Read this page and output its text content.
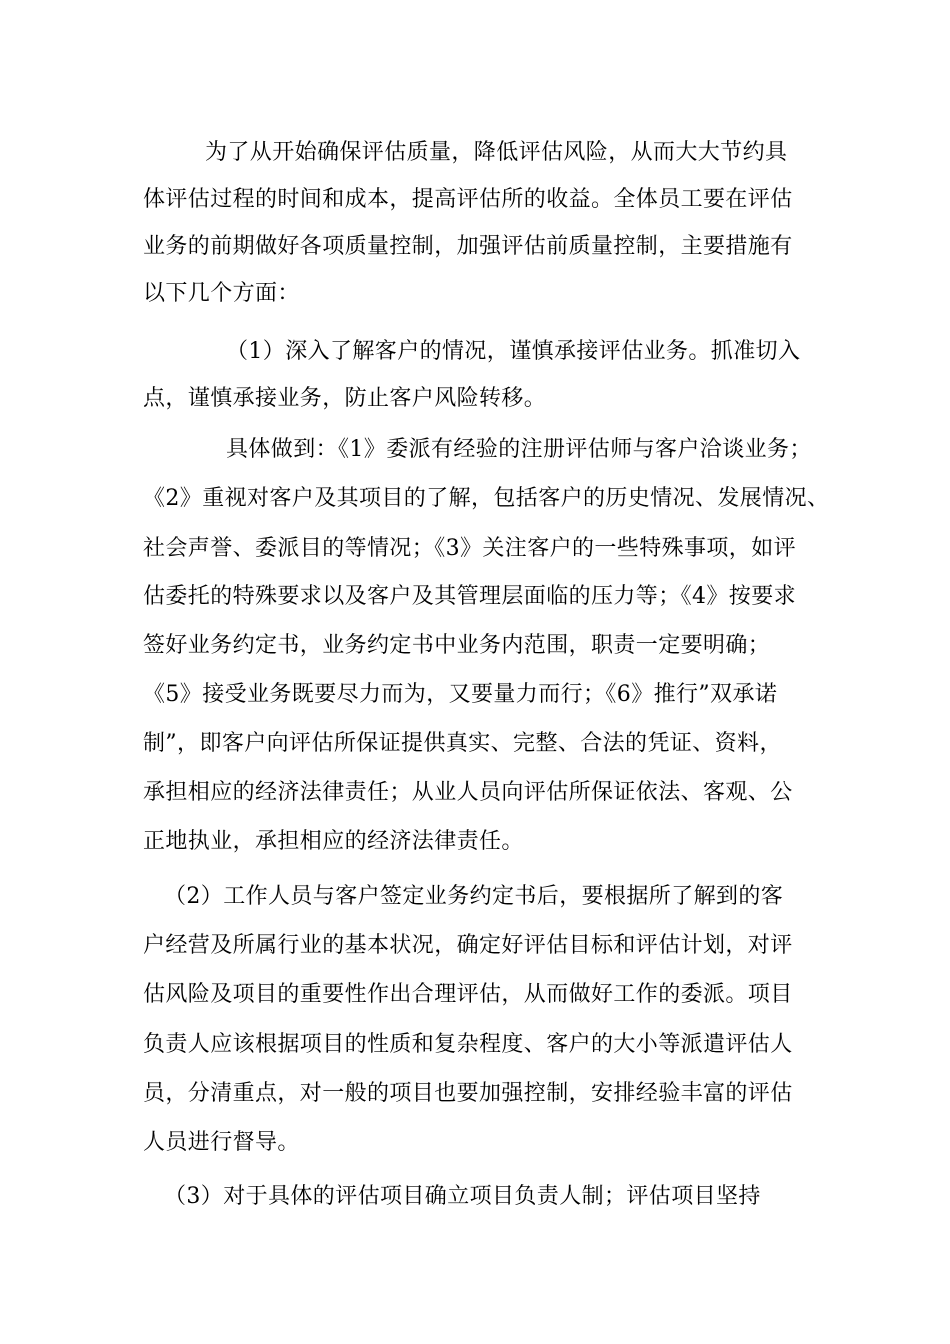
为了从开始确保评估质量，降低评估风险，从而大大节约具
体评估过程的时间和成本，提高评估所的收益。全体员工要在评估
业务的前期做好各项质量控制，加强评估前质量控制，主要措施有
以下几个方面：
（1）深入了解客户的情况，谨慎承接评估业务。抓准切入
点，谨慎承接业务，防止客户风险转移。
具体做到：《1》委派有经验的注册评估师与客户洽谈业务；
《2》重视对客户及其项目的了解，包括客户的历史情况、发展情况、
社会声誉、委派目的等情况；《3》关注客户的一些特殊事项，如评
估委托的特殊要求以及客户及其管理层面临的压力等；《4》按要求
签好业务约定书，业务约定书中业务内范围，职责一定要明确；
《5》接受业务既要尽力而为，又要量力而行；《6》推行”双承诺
制”，即客户向评估所保证提供真实、完整、合法的凭证、资料，
承担相应的经济法律责任；从业人员向评估所保证依法、客观、公
正地执业，承担相应的经济法律责任。
（2）工作人员与客户签定业务约定书后，要根据所了解到的客
户经营及所属行业的基本状况，确定好评估目标和评估计划，对评
估风险及项目的重要性作出合理评估，从而做好工作的委派。项目
负责人应该根据项目的性质和复杂程度、客户的大小等派遣评估人
员，分清重点，对一般的项目也要加强控制，安排经验丰富的评估
人员进行督导。
（3）对于具体的评估项目确立项目负责人制；评估项目坚持
